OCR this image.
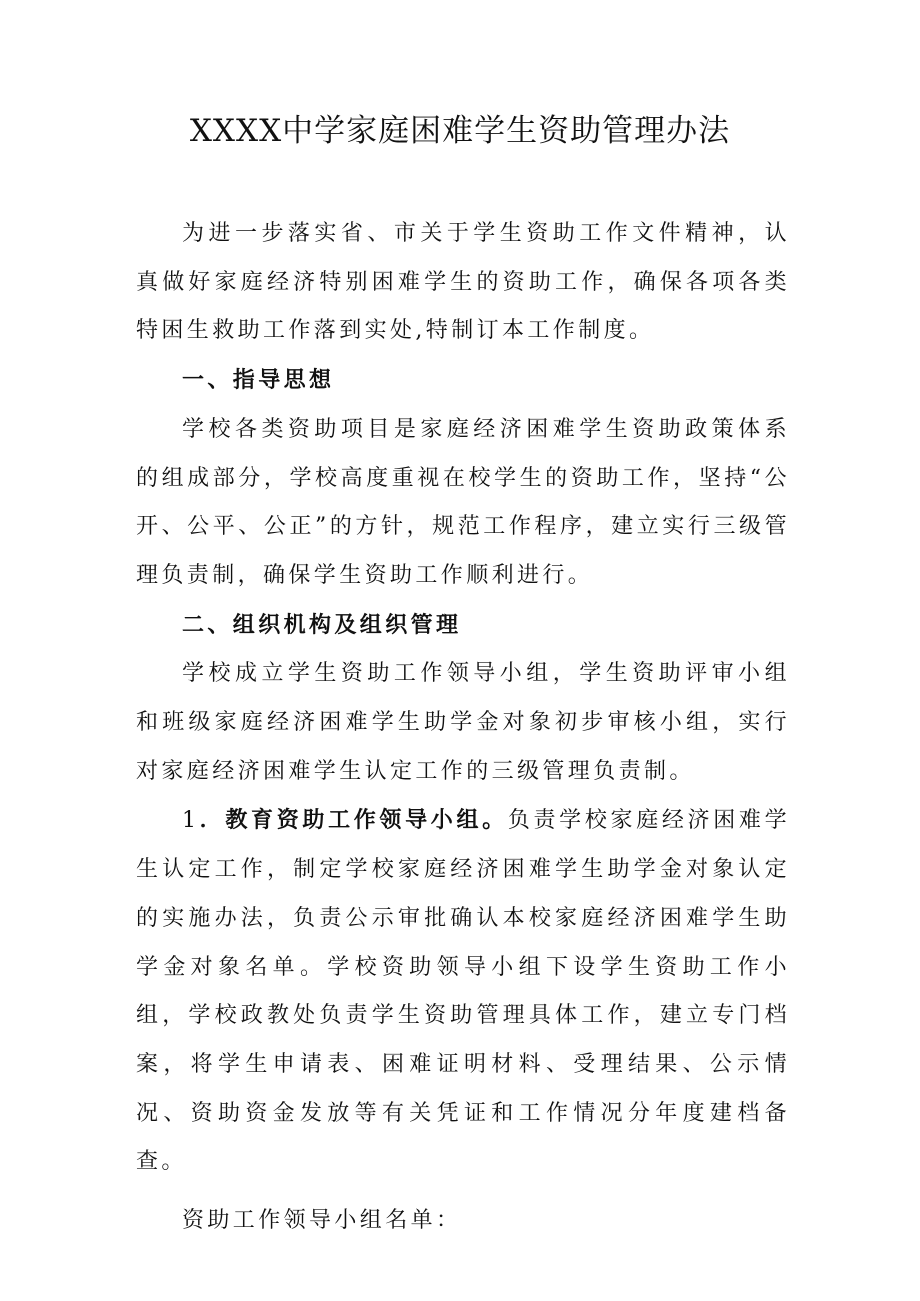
XXXX中学家庭困难学生资助管理办法

为进一步落实省、市关于学生资助工作文件精神，认真做好家庭经济特别困难学生的资助工作，确保各项各类特困生救助工作落到实处,特制订本工作制度。

一、指导思想

学校各类资助项目是家庭经济困难学生资助政策体系的组成部分，学校高度重视在校学生的资助工作，坚持“公开、公平、公正”的方针，规范工作程序，建立实行三级管理负责制，确保学生资助工作顺利进行。

二、组织机构及组织管理

学校成立学生资助工作领导小组，学生资助评审小组和班级家庭经济困难学生助学金对象初步审核小组，实行对家庭经济困难学生认定工作的三级管理负责制。

1．教育资助工作领导小组。负责学校家庭经济困难学生认定工作，制定学校家庭经济困难学生助学金对象认定的实施办法，负责公示审批确认本校家庭经济困难学生助学金对象名单。学校资助领导小组下设学生资助工作小组，学校政教处负责学生资助管理具体工作，建立专门档案，将学生申请表、困难证明材料、受理结果、公示情况、资助资金发放等有关凭证和工作情况分年度建档备查。

资助工作领导小组名单：
